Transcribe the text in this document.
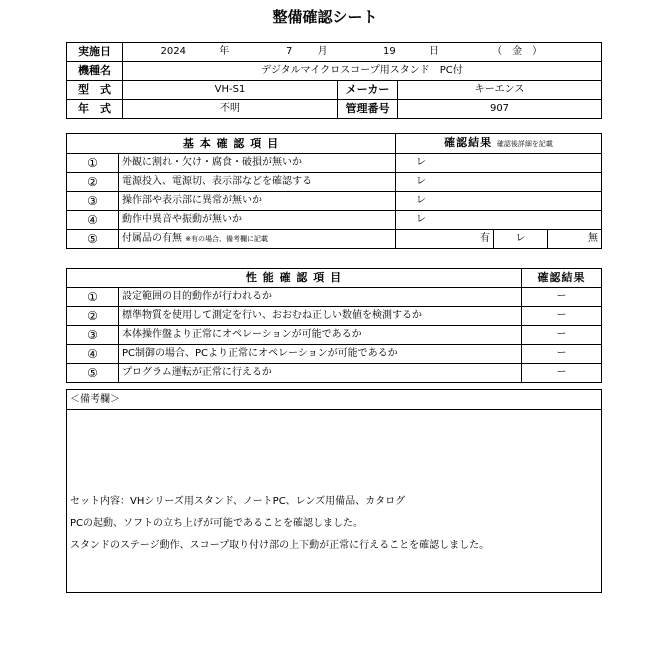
整備確認シート
実施日	2024 年 7 月 19 日 （　金　）		
機種名	デジタルマイクロスコープ用スタンド　PC付		
型　式	VH-S1	メーカー	キーエンス
年　式	不明	管理番号	907
基 本 確 認 項 目		確認結果 確認後詳細を記載		
①	外観に割れ・欠け・腐食・破損が無いか	レ		
②	電源投入、電源切、表示部などを確認する	レ		
③	操作部や表示部に異常が無いか	レ		
④	動作中異音や振動が無いか	レ		
⑤	付属品の有無 ※有の場合、備考欄に記載	有	レ	無
性 能 確 認 項 目		確認結果
①	設定範囲の目的動作が行われるか	ー
②	標準物質を使用して測定を行い、おおむね正しい数値を検測するか	ー
③	本体操作盤より正常にオペレーションが可能であるか	ー
④	PC制御の場合、PCより正常にオペレーションが可能であるか	ー
⑤	プログラム運転が正常に行えるか	ー
＜備考欄＞
セット内容：VHシリーズ用スタンド、ノートPC、レンズ用備品、カタログ
PCの起動、ソフトの立ち上げが可能であることを確認しました。
スタンドのステージ動作、スコープ取り付け部の上下動が正常に行えることを確認しました。
